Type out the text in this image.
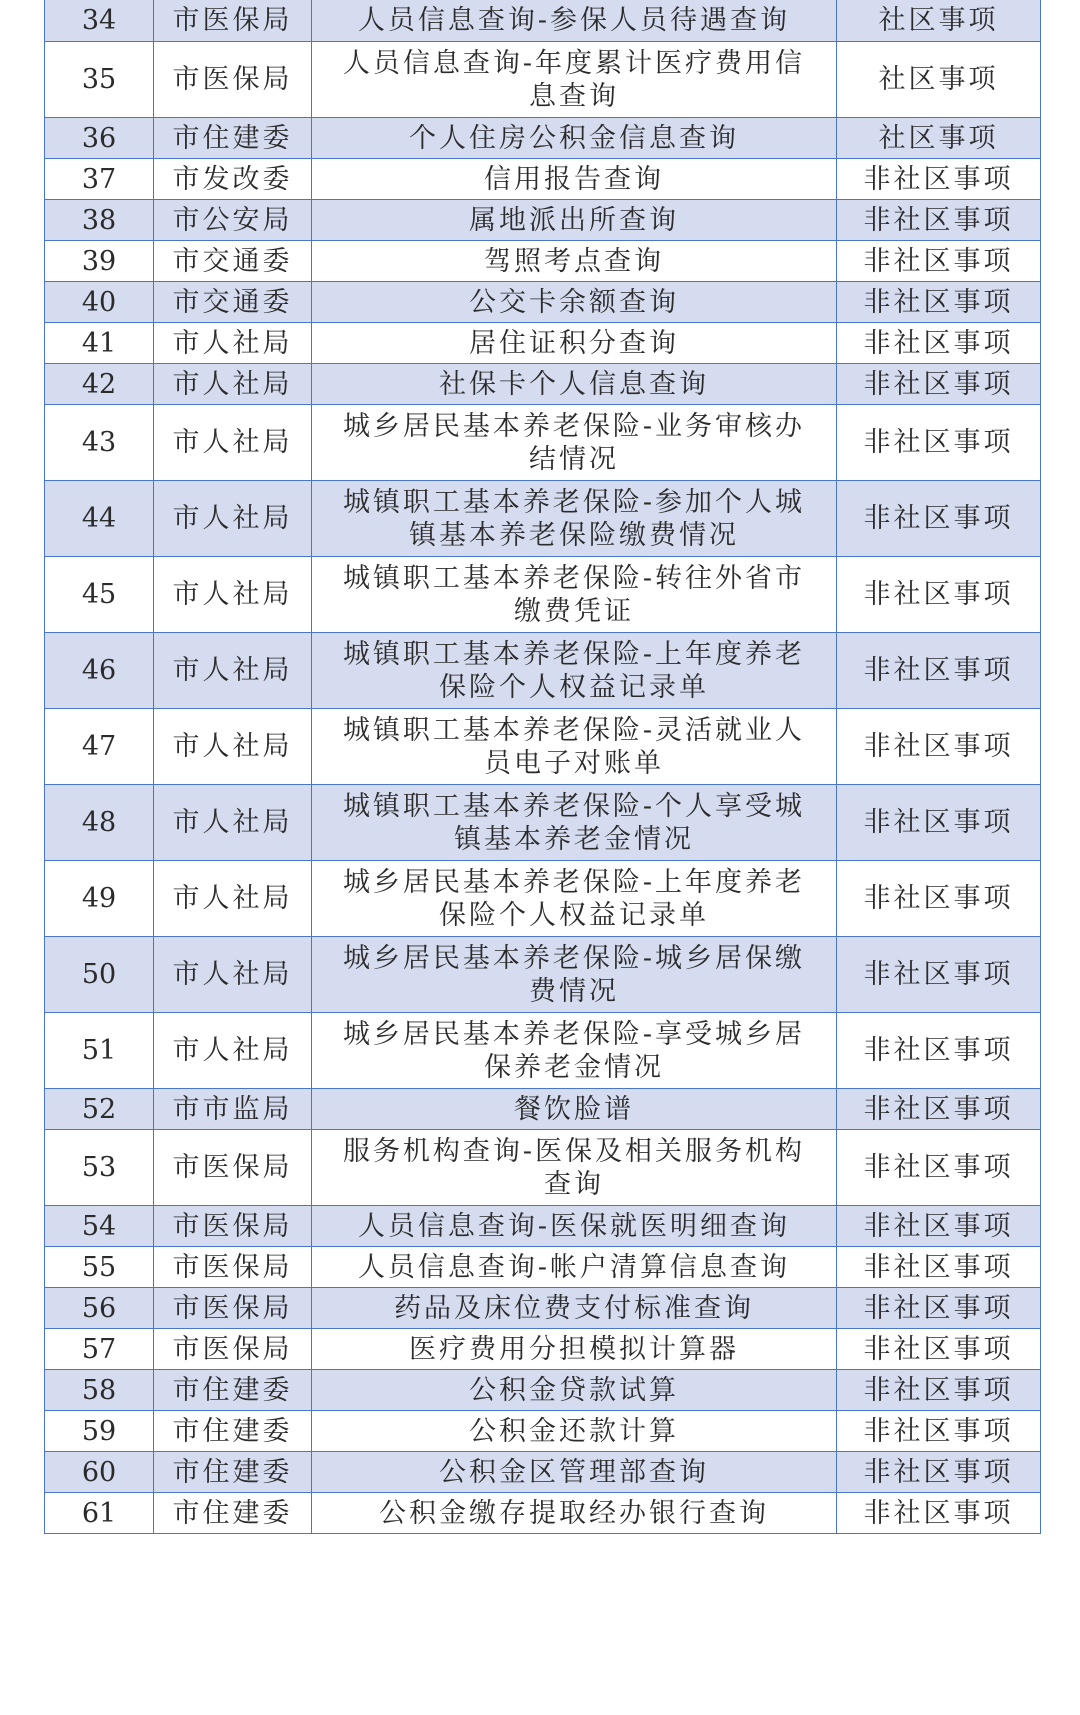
34	市医保局	人员信息查询-参保人员待遇查询	社区事项
35	市医保局	人员信息查询-年度累计医疗费用信息查询	社区事项
36	市住建委	个人住房公积金信息查询	社区事项
37	市发改委	信用报告查询	非社区事项
38	市公安局	属地派出所查询	非社区事项
39	市交通委	驾照考点查询	非社区事项
40	市交通委	公交卡余额查询	非社区事项
41	市人社局	居住证积分查询	非社区事项
42	市人社局	社保卡个人信息查询	非社区事项
43	市人社局	城乡居民基本养老保险-业务审核办结情况	非社区事项
44	市人社局	城镇职工基本养老保险-参加个人城镇基本养老保险缴费情况	非社区事项
45	市人社局	城镇职工基本养老保险-转往外省市缴费凭证	非社区事项
46	市人社局	城镇职工基本养老保险-上年度养老保险个人权益记录单	非社区事项
47	市人社局	城镇职工基本养老保险-灵活就业人员电子对账单	非社区事项
48	市人社局	城镇职工基本养老保险-个人享受城镇基本养老金情况	非社区事项
49	市人社局	城乡居民基本养老保险-上年度养老保险个人权益记录单	非社区事项
50	市人社局	城乡居民基本养老保险-城乡居保缴费情况	非社区事项
51	市人社局	城乡居民基本养老保险-享受城乡居保养老金情况	非社区事项
52	市市监局	餐饮脸谱	非社区事项
53	市医保局	服务机构查询-医保及相关服务机构查询	非社区事项
54	市医保局	人员信息查询-医保就医明细查询	非社区事项
55	市医保局	人员信息查询-帐户清算信息查询	非社区事项
56	市医保局	药品及床位费支付标准查询	非社区事项
57	市医保局	医疗费用分担模拟计算器	非社区事项
58	市住建委	公积金贷款试算	非社区事项
59	市住建委	公积金还款计算	非社区事项
60	市住建委	公积金区管理部查询	非社区事项
61	市住建委	公积金缴存提取经办银行查询	非社区事项
